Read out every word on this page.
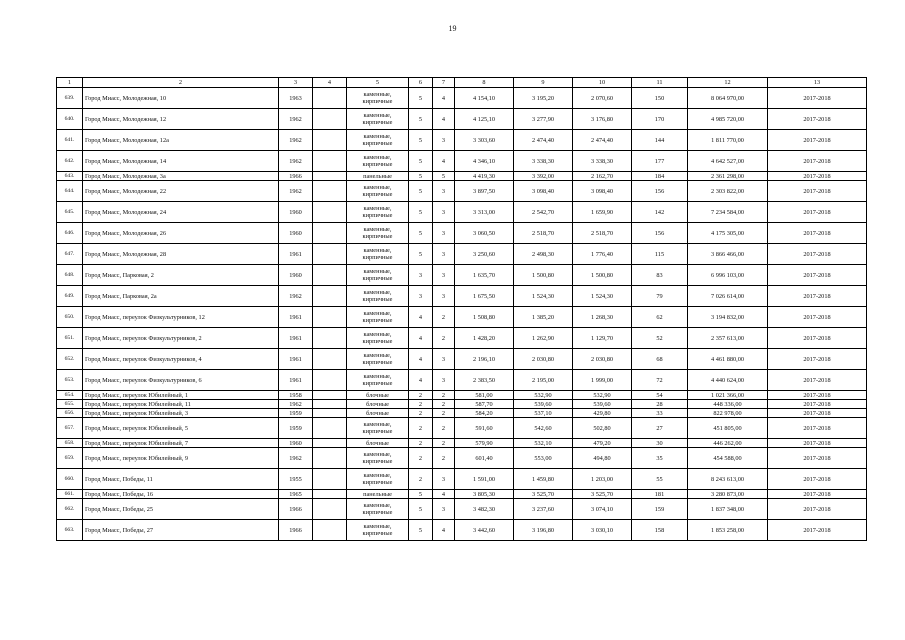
19
1	2	3	4	5	6	7	8	9	10	11	12	13
639.	Город Миасс, Молодежная, 10	1963		каменные, кирпичные	5	4	4 154,10	3 195,20	2 070,60	150	8 064 970,00	2017-2018
640.	Город Миасс, Молодежная, 12	1962		каменные, кирпичные	5	4	4 125,10	3 277,90	3 176,80	170	4 985 720,00	2017-2018
641.	Город Миасс, Молодежная, 12а	1962		каменные, кирпичные	5	3	3 303,60	2 474,40	2 474,40	144	1 811 770,00	2017-2018
642.	Город Миасс, Молодежная, 14	1962		каменные, кирпичные	5	4	4 346,10	3 338,30	3 338,30	177	4 642 527,00	2017-2018
643.	Город Миасс, Молодежная, 3а	1966		панельные	5	5	4 419,30	3 392,00	2 162,70	184	2 361 298,00	2017-2018
644.	Город Миасс, Молодежная, 22	1962		каменные, кирпичные	5	3	3 897,50	3 098,40	3 098,40	156	2 303 822,00	2017-2018
645.	Город Миасс, Молодежная, 24	1960		каменные, кирпичные	5	3	3 313,00	2 542,70	1 659,90	142	7 234 584,00	2017-2018
646.	Город Миасс, Молодежная, 26	1960		каменные, кирпичные	5	3	3 060,50	2 518,70	2 518,70	156	4 175 305,00	2017-2018
647.	Город Миасс, Молодежная, 28	1961		каменные, кирпичные	5	3	3 250,60	2 498,30	1 776,40	115	3 866 466,00	2017-2018
648.	Город Миасс, Парковая, 2	1960		каменные, кирпичные	3	3	1 635,70	1 500,80	1 500,80	83	6 996 103,00	2017-2018
649.	Город Миасс, Парковая, 2а	1962		каменные, кирпичные	3	3	1 675,50	1 524,30	1 524,30	79	7 026 614,00	2017-2018
650.	Город Миасс, переулок Физкультурников, 12	1961		каменные, кирпичные	4	2	1 508,80	1 385,20	1 268,30	62	3 194 832,00	2017-2018
651.	Город Миасс, переулок Физкультурников, 2	1961		каменные, кирпичные	4	2	1 428,20	1 262,90	1 129,70	52	2 357 613,00	2017-2018
652.	Город Миасс, переулок Физкультурников, 4	1961		каменные, кирпичные	4	3	2 196,10	2 030,80	2 030,80	68	4 461 880,00	2017-2018
653.	Город Миасс, переулок Физкультурников, 6	1961		каменные, кирпичные	4	3	2 383,50	2 195,00	1 999,00	72	4 440 624,00	2017-2018
654.	Город Миасс, переулок Юбилейный, 1	1958		блочные	2	2	581,00	532,90	532,90	54	1 021 366,00	2017-2018
655.	Город Миасс, переулок Юбилейный, 11	1962		блочные	2	2	587,70	539,60	539,60	28	448 336,00	2017-2018
656.	Город Миасс, переулок Юбилейный, 3	1959		блочные	2	2	584,20	537,10	429,80	33	822 978,00	2017-2018
657.	Город Миасс, переулок Юбилейный, 5	1959		каменные, кирпичные	2	2	591,60	542,60	502,80	27	451 805,00	2017-2018
658.	Город Миасс, переулок Юбилейный, 7	1960		блочные	2	2	579,90	532,10	479,20	30	446 262,00	2017-2018
659.	Город Миасс, переулок Юбилейный, 9	1962		каменные, кирпичные	2	2	601,40	553,00	494,80	35	454 588,00	2017-2018
660.	Город Миасс, Победы, 11	1955		каменные, кирпичные	2	3	1 591,00	1 459,80	1 203,00	55	8 243 613,00	2017-2018
661.	Город Миасс, Победы, 16	1965		панельные	5	4	3 805,30	3 525,70	3 525,70	181	3 280 873,00	2017-2018
662.	Город Миасс, Победы, 25	1966		каменные, кирпичные	5	3	3 482,30	3 237,60	3 074,10	159	1 837 348,00	2017-2018
663.	Город Миасс, Победы, 27	1966		каменные, кирпичные	5	4	3 442,60	3 196,80	3 030,10	158	1 853 258,00	2017-2018
